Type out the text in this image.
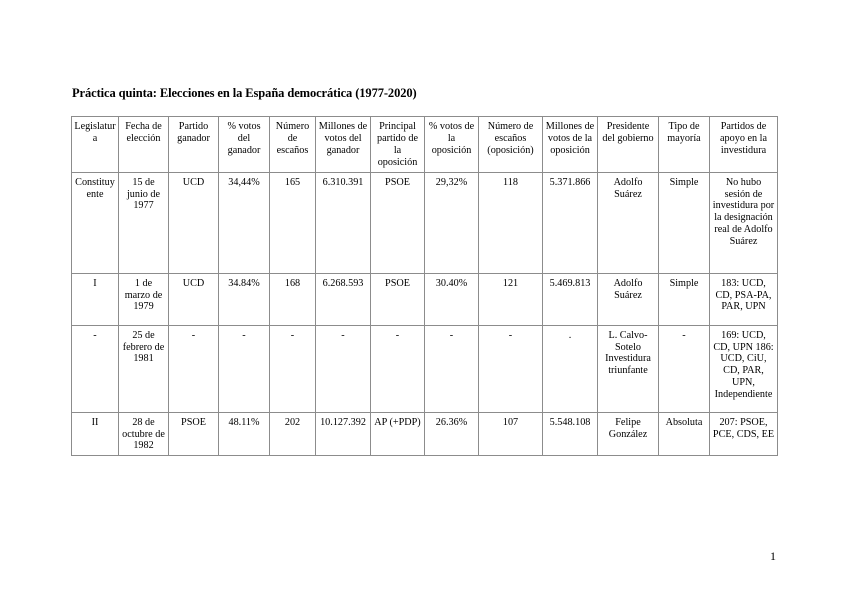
Práctica quinta: Elecciones en la España democrática (1977-2020)
Legislatura	Fecha de elección	Partido ganador	% votos del ganador	Número de escaños	Millones de votos del ganador	Principal partido de la oposición	% votos de la oposición	Número de escaños (oposición)	Millones de votos de la oposición	Presidente del gobierno	Tipo de mayoría	Partidos de apoyo en la investidura
Constituyente	15 de junio de 1977	UCD	34,44%	165	6.310.391	PSOE	29,32%	118	5.371.866	Adolfo Suárez	Simple	No hubo sesión de investidura por la designación real de Adolfo Suárez
I	1 de marzo de 1979	UCD	34.84%	168	6.268.593	PSOE	30.40%	121	5.469.813	Adolfo Suárez	Simple	183: UCD, CD, PSA-PA, PAR, UPN
-	25 de febrero de 1981	-	-	-	-	-	-	-	.	L. Calvo-Sotelo Investidura triunfante	-	169: UCD, CD, UPN 186: UCD, CiU, CD, PAR, UPN, Independiente
II	28 de octubre de 1982	PSOE	48.11%	202	10.127.392	AP (+PDP)	26.36%	107	5.548.108	Felipe González	Absoluta	207: PSOE, PCE, CDS, EE
1
